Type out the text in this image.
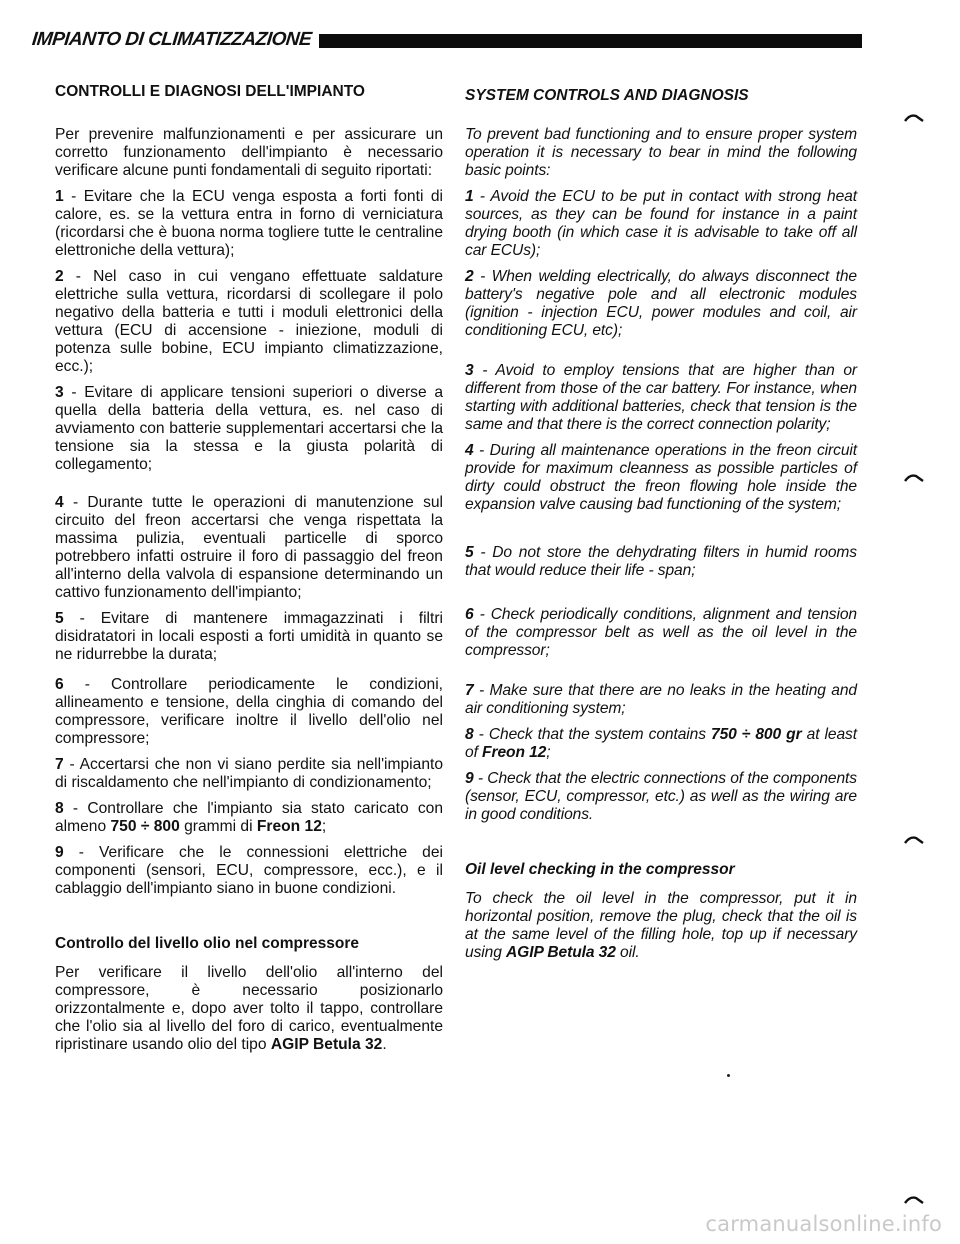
IMPIANTO DI CLIMATIZZAZIONE
CONTROLLI E DIAGNOSI DELL'IMPIANTO

Per prevenire malfunzionamenti e per assicurare un corretto funzionamento dell'impianto è necessario verificare alcune punti fondamentali di seguito riportati:

1 - Evitare che la ECU venga esposta a forti fonti di calore, es. se la vettura entra in forno di verniciatura (ricordarsi che è buona norma togliere tutte le centraline elettroniche della vettura);

2 - Nel caso in cui vengano effettuate saldature elettriche sulla vettura, ricordarsi di scollegare il polo negativo della batteria e tutti i moduli elettronici della vettura (ECU di accensione - iniezione, moduli di potenza sulle bobine, ECU impianto climatizzazione, ecc.);

3 - Evitare di applicare tensioni superiori o diverse a quella della batteria della vettura, es. nel caso di avviamento con batterie supplementari accertarsi che la tensione sia la stessa e la giusta polarità di collegamento;

4 - Durante tutte le operazioni di manutenzione sul circuito del freon accertarsi che venga rispettata la massima pulizia, eventuali particelle di sporco potrebbero infatti ostruire il foro di passaggio del freon all'interno della valvola di espansione determinando un cattivo funzionamento dell'impianto;

5 - Evitare di mantenere immagazzinati i filtri disidratatori in locali esposti a forti umidità in quanto se ne ridurrebbe la durata;

6 - Controllare periodicamente le condizioni, allineamento e tensione, della cinghia di comando del compressore, verificare inoltre il livello dell'olio nel compressore;

7 - Accertarsi che non vi siano perdite sia nell'impianto di riscaldamento che nell'impianto di condizionamento;

8 - Controllare che l'impianto sia stato caricato con almeno 750 ÷ 800 grammi di Freon 12;

9 - Verificare che le connessioni elettriche dei componenti (sensori, ECU, compressore, ecc.), e il cablaggio dell'impianto siano in buone condizioni.

Controllo del livello olio nel compressore

Per verificare il livello dell'olio all'interno del compressore, è necessario posizionarlo orizzontalmente e, dopo aver tolto il tappo, controllare che l'olio sia al livello del foro di carico, eventualmente ripristinare usando olio del tipo AGIP Betula 32.

SYSTEM CONTROLS AND DIAGNOSIS

To prevent bad functioning and to ensure proper system operation it is necessary to bear in mind the following basic points:

1 - Avoid the ECU to be put in contact with strong heat sources, as they can be found for instance in a paint drying booth (in which case it is advisable to take off all car ECUs);

2 - When welding electrically, do always disconnect the battery's negative pole and all electronic modules (ignition - injection ECU, power modules and coil, air conditioning ECU, etc);

3 - Avoid to employ tensions that are higher than or different from those of the car battery. For instance, when starting with additional batteries, check that tension is the same and that there is the correct connection polarity;

4 - During all maintenance operations in the freon circuit provide for maximum cleanness as possible particles of dirty could obstruct the freon flowing hole inside the expansion valve causing bad functioning of the system;

5 - Do not store the dehydrating filters in humid rooms that would reduce their life - span;

6 - Check periodically conditions, alignment and tension of the compressor belt as well as the oil level in the compressor;

7 - Make sure that there are no leaks in the heating and air conditioning system;

8 - Check that the system contains 750 ÷ 800 gr at least of Freon 12;

9 - Check that the electric connections of the components (sensor, ECU, compressor, etc.) as well as the wiring are in good conditions.

Oil level checking in the compressor

To check the oil level in the compressor, put it in horizontal position, remove the plug, check that the oil is at the same level of the filling hole, top up if necessary using AGIP Betula 32 oil.

carmanualsonline.info
